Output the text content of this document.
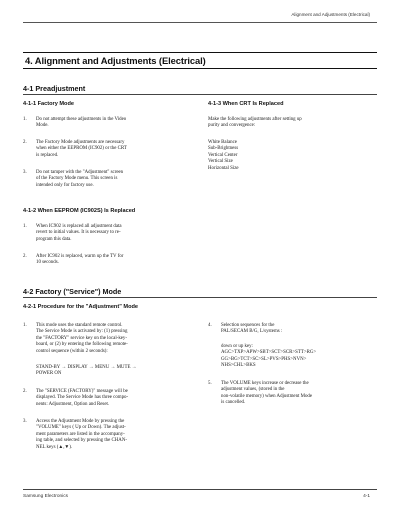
Alignment and Adjustments (Electrical)
4. Alignment and Adjustments (Electrical)
4-1 Preadjustment
4-1-1 Factory Mode
1. Do not attempt these adjustments in the Video
Mode.
2. The Factory Mode adjustments are necessary
when either the EEPROM (IC902) or the CRT
is replaced.
3. Do not tamper with the "Adjustment" screen
of the Factory Mode menu. This screen is
intended only for factory use.
4-1-2 When EEPROM (IC902S) Is Replaced
1. When IC902 is replaced all adjustment data
revert to initial values. It is necessary to re-
program this data.
2. After IC902 is replaced, warm up the TV for
10 seconds.
4-1-3 When CRT Is Replaced
Make the following adjustments after setting up
purity and convergence:
White Balance
Sub-Brightness
Vertical Center
Vertical Size
Horizontal Size
4-2 Factory ("Service") Mode
4-2-1 Procedure for the "Adjustment" Mode
1. This mode uses the standard remote control.
The Service Mode is activated by: (1) pressing
the "FACTORY" service key on the local-key-
board, or (2) by entering the following remote-
control sequence (within 2 seconds):
STAND-BY → DISPLAY → MENU → MUTE →
POWER ON
2. The "SERVICE (FACTORY)" message will be
displayed. The Service Mode has three compo-
nents: Adjustment, Option and Reset.
3. Access the Adjustment Mode by pressing the
"VOLUME" keys ( Up or Down). The adjust-
ment parameters are listed in the accompany-
ing table, and selected by pressing the CHAN-
NEL keys (▲,▼).
4. Selection sequences for the
PAL/SECAM B/G, L/systems :
down or up key:
AGC>TXP>APW>SBT>SCT>SCR>STT>RG>
GG>BG>TCT>SC>SL>PVS>PHS>NVN>
NHS>CHL>BKS
5. The VOLUME keys increase or decrease the
adjustment values, (stored in the
non-volatile memory) when Adjustment Mode
is cancelled.
Samsung Electronics	4-1
